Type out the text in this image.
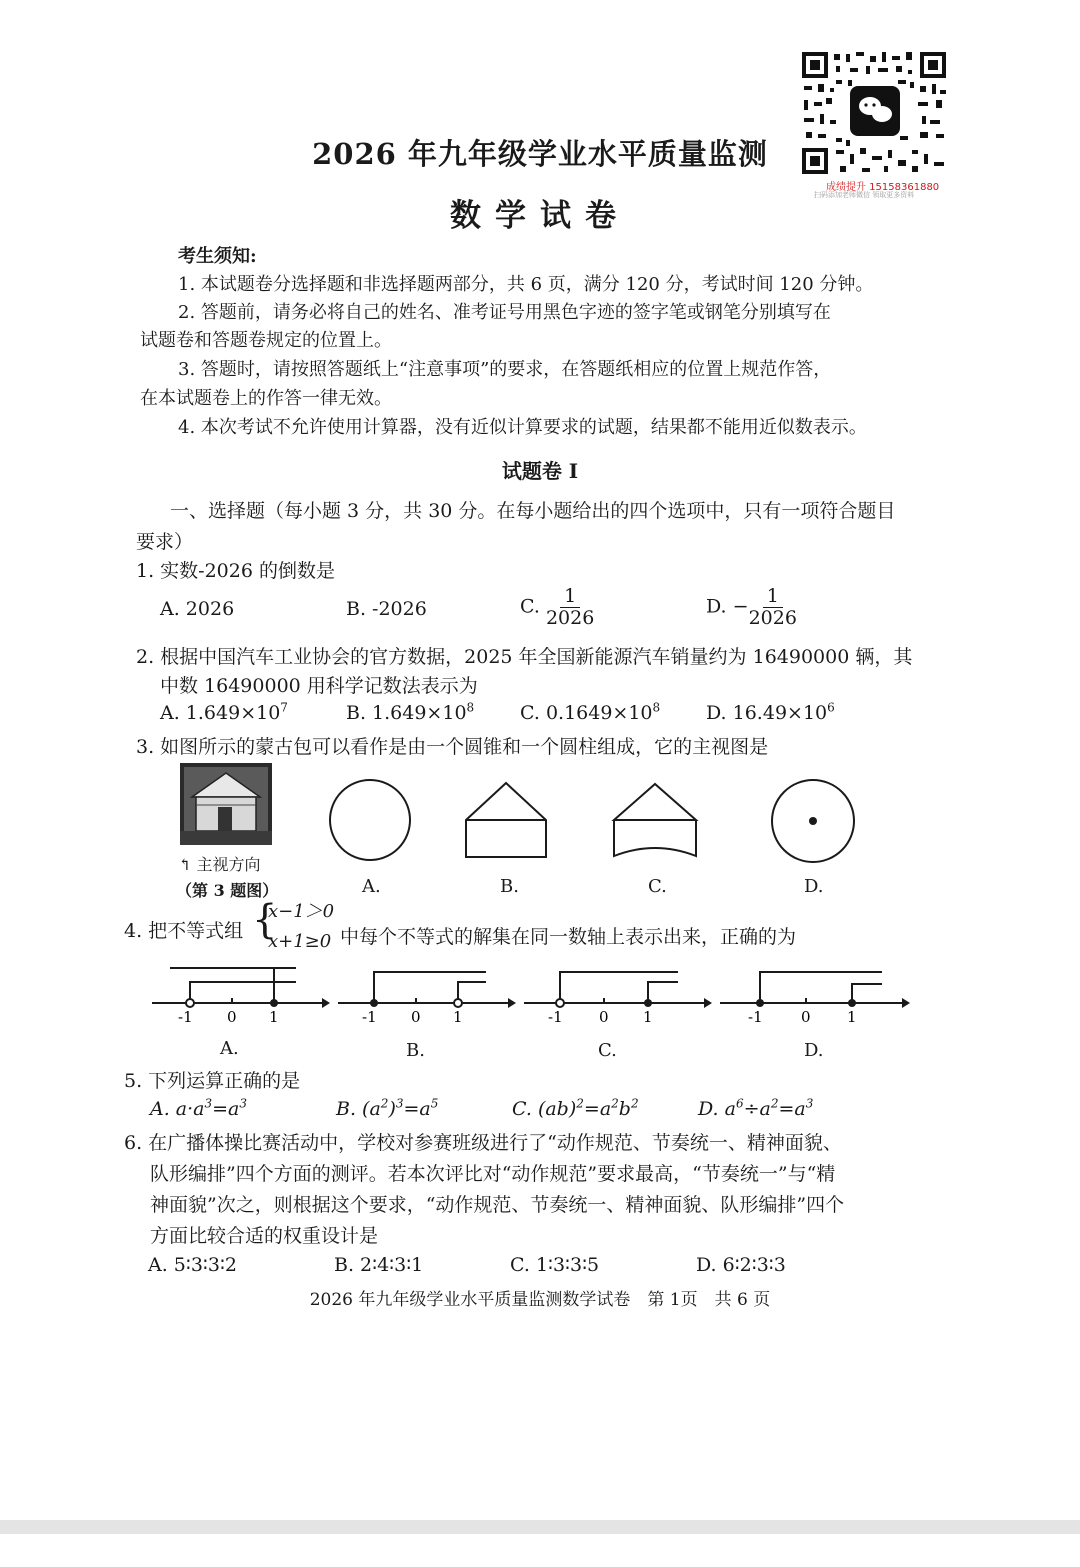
成绩提升 15158361880
扫码添加老师微信 领取更多资料
2026 年九年级学业水平质量监测
数学试卷
考生须知:
1. 本试题卷分选择题和非选择题两部分，共 6 页，满分 120 分，考试时间 120 分钟。
2. 答题前，请务必将自己的姓名、准考证号用黑色字迹的签字笔或钢笔分别填写在
试题卷和答题卷规定的位置上。
3. 答题时，请按照答题纸上“注意事项”的要求，在答题纸相应的位置上规范作答，
在本试题卷上的作答一律无效。
4. 本次考试不允许使用计算器，没有近似计算要求的试题，结果都不能用近似数表示。
试题卷 I
一、选择题（每小题 3 分，共 30 分。在每小题给出的四个选项中，只有一项符合题目
要求）
1. 实数-2026 的倒数是
A. 2026	B. -2026	C. $\frac{1}{2026}$	D. − $\frac{1}{2026}$
2. 根据中国汽车工业协会的官方数据，2025 年全国新能源汽车销量约为 16490000 辆，其
中数 16490000 用科学记数法表示为
A. $1.649\times 10^7$	B. $1.649\times 10^8$ C. $0.1649\times 10^8$ D. $16.49\times 10^6$
3. 如图所示的蒙古包可以看作是由一个圆锥和一个圆柱组成，它的主视图是
↰ 主视方向
（第 3 题图）	A.	B.	C.	D.
4. 把不等式组 {
x−1＞0
x+1≥0 中每个不等式的解集在同一数轴上表示出来，正确的为
-1 0 1	-1 0 1	-1 0 1	-1	0 1
A.	B.	C.	D.
5. 下列运算正确的是
A. $a\cdot a^3=a^3$	B. $(a^2)^3=a^5$	C. $(ab)^2=a^2b^2$	D. $a^6\div a^2=a^3$
6. 在广播体操比赛活动中，学校对参赛班级进行了“动作规范、节奏统一、精神面貌、
队形编排”四个方面的测评。若本次评比对“动作规范”要求最高，“节奏统一”与“精
神面貌”次之，则根据这个要求，“动作规范、节奏统一、精神面貌、队形编排”四个
方面比较合适的权重设计是
A. 5∶3∶3∶2	B. 2∶4∶3∶1	C. 1∶3∶3∶5	D. 6∶2∶3∶3
2026 年九年级学业水平质量监测数学试卷　第 1页　共 6 页
